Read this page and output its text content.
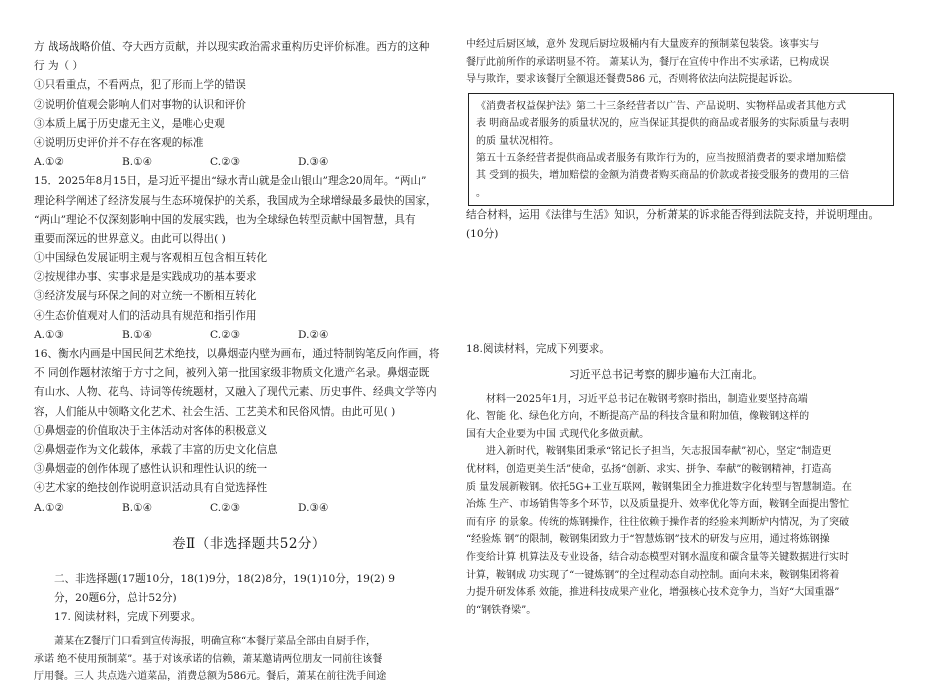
方 战场战略价值、夺大西方贡献，并以现实政治需求重构历史评价标准。西方的这种
行 为（ ）
①只看重点，不看两点，犯了形而上学的错误
②说明价值观会影响人们对事物的认识和评价
③本质上属于历史虚无主义，是唯心史观
④说明历史评价并不存在客观的标准
A.①②	B.①④	C.②③	D.③④
15．2025年8月15日，是习近平提出“绿水青山就是金山银山”理念20周年。“两山”
理论科学阐述了经济发展与生态环境保护的关系，我国成为全球增绿最多最快的国家，
“两山”理论不仅深刻影响中国的发展实践，也为全球绿色转型贡献中国智慧，具有
重要而深远的世界意义。由此可以得出( )
①中国绿色发展证明主观与客观相互包含相互转化
②按规律办事、实事求是是实践成功的基本要求
③经济发展与环保之间的对立统一不断相互转化
④生态价值观对人们的活动具有规范和指引作用
A.①③	B.①④	C.②③	D.②④
16、衡水内画是中国民间艺术绝技，以鼻烟壶内壁为画布，通过特制钩笔反向作画，将
不 同创作题材浓缩于方寸之间，被列入第一批国家级非物质文化遗产名录。鼻烟壶既
有山水、人物、花鸟、诗词等传统题材，又融入了现代元素、历史事件、经典文学等内
容，人们能从中领略文化艺术、社会生活、工艺美术和民俗风情。由此可见( )
①鼻烟壶的价值取决于主体活动对客体的积极意义
②鼻烟壶作为文化载体，承载了丰富的历史文化信息
③鼻烟壶的创作体现了感性认识和理性认识的统一
④艺术家的绝技创作说明意识活动具有自觉选择性
A.①②	B.①④	C.②③	D.③④
卷Ⅱ（非选择题共52分）
二、非选择题(17题10分，18(1)9分，18(2)8分，19(1)10分，19(2) 9
分，20题6分，总计52分)
17. 阅读材料，完成下列要求。
萧某在Z餐厅门口看到宣传海报，明确宣称“本餐厅菜品全部由自厨手作，
承诺 绝不使用预制菜”。基于对该承诺的信赖，萧某邀请两位朋友一同前往该餐
厅用餐。三人 共点选六道菜品，消费总额为586元。餐后，萧某在前往洗手间途
中经过后厨区域，意外 发现后厨垃圾桶内有大量废弃的预制菜包装袋。该事实与
餐厅此前所作的承诺明显不符。 萧某认为，餐厅在宣传中作出不实承诺，已构成误
导与欺诈，要求该餐厅全额退还餐费586 元，否则将依法向法院提起诉讼。
《消费者权益保护法》第二十三条经营者以广告、产品说明、实物样品或者其他方式
表 明商品或者服务的质量状况的，应当保证其提供的商品或者服务的实际质量与表明
的质 量状况相符。
第五十五条经营者提供商品或者服务有欺诈行为的，应当按照消费者的要求增加赔偿
其 受到的损失，增加赔偿的金额为消费者购买商品的价款或者接受服务的费用的三倍
。
结合材料，运用《法律与生活》知识，分析萧某的诉求能否得到法院支持，并说明理由。
(10分)
18.阅读材料，完成下列要求。
习近平总书记考察的脚步遍布大江南北。
材料一2025年1月，习近平总书记在鞍钢考察时指出，制造业要坚持高端
化、智能 化、绿色化方向，不断提高产品的科技含量和附加值，像鞍钢这样的
国有大企业要为中国 式现代化多做贡献。
进入新时代，鞍钢集团秉承“铭记长子担当，矢志报国奉献”初心，坚定“制造更
优材料，创造更美生活”使命，弘扬“创新、求实、拼争、奉献”的鞍钢精神，打造高
质 量发展新鞍钢。依托5G+工业互联网，鞍钢集团全力推进数字化转型与智慧制造。在
冶炼 生产、市场销售等多个环节，以及质量提升、效率优化等方面，鞍钢全面提出警忙
而有序 的景象。传统的炼钢操作，往往依赖于操作者的经验来判断炉内情况，为了突破
“经验炼 钢”的限制，鞍钢集团致力于“智慧炼钢”技术的研发与应用，通过将炼钢操
作变给计算 机算法及专业设备，结合动态模型对钢水温度和碳含量等关键数据进行实时
计算，鞍钢成 功实现了“一键炼钢”的全过程动态自动控制。面向未来，鞍钢集团将着
力提升研发体系 效能，推进科技成果产业化，增强核心技术竞争力，当好“大国重器”
的“钢铁脊梁”。
